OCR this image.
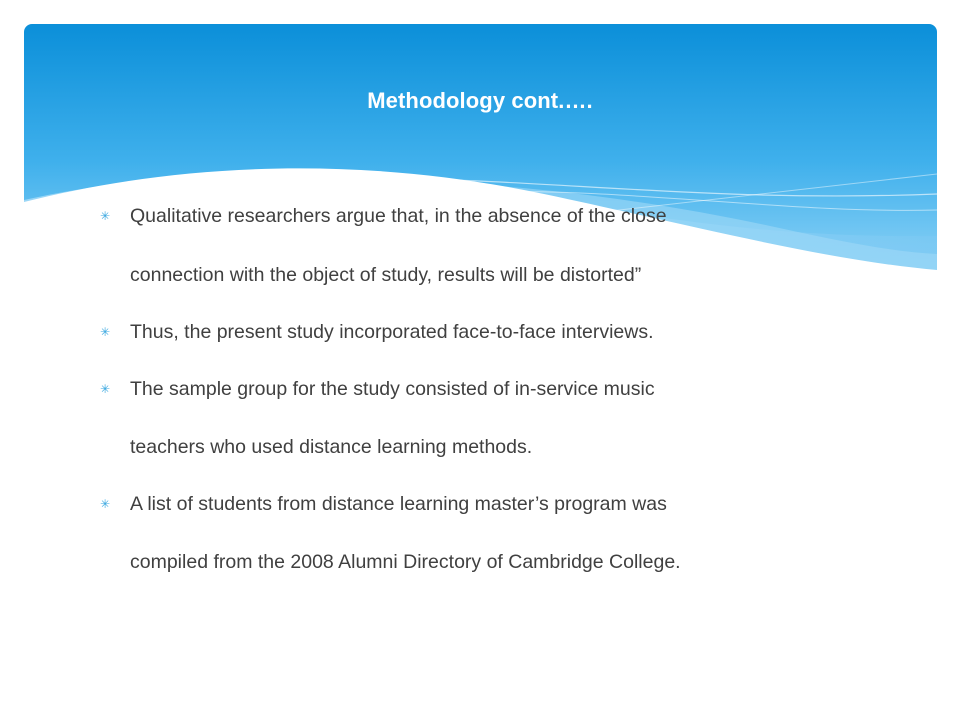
Methodology cont.….
✳ Qualitative researchers argue that, in the absence of the close
connection with the object of study, results will be distorted”
✳ Thus, the present study incorporated face-to-face interviews.
✳ The sample group for the study consisted of in-service music
teachers who used distance learning methods.
✳ A list of students from distance learning master’s program was
compiled from the 2008 Alumni Directory of Cambridge College.
